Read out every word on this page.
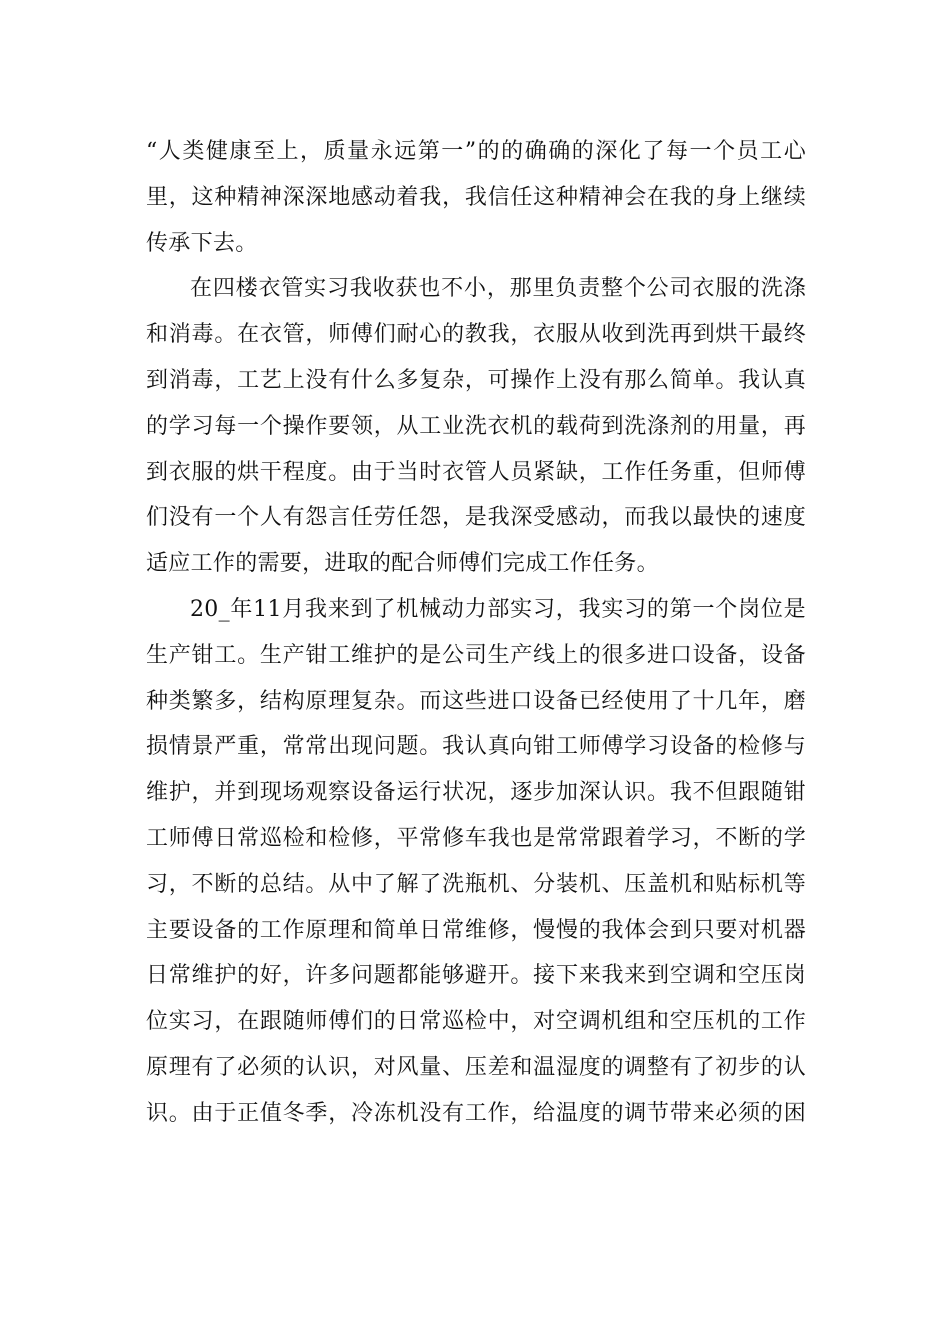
“人类健康至上，质量永远第一”的的确确的深化了每一个员工心
里，这种精神深深地感动着我，我信任这种精神会在我的身上继续
传承下去。
在四楼衣管实习我收获也不小，那里负责整个公司衣服的洗涤
和消毒。在衣管，师傅们耐心的教我，衣服从收到洗再到烘干最终
到消毒，工艺上没有什么多复杂，可操作上没有那么简单。我认真
的学习每一个操作要领，从工业洗衣机的载荷到洗涤剂的用量，再
到衣服的烘干程度。由于当时衣管人员紧缺，工作任务重，但师傅
们没有一个人有怨言任劳任怨，是我深受感动，而我以最快的速度
适应工作的需要，进取的配合师傅们完成工作任务。
20_年11月我来到了机械动力部实习，我实习的第一个岗位是
生产钳工。生产钳工维护的是公司生产线上的很多进口设备，设备
种类繁多，结构原理复杂。而这些进口设备已经使用了十几年，磨
损情景严重，常常出现问题。我认真向钳工师傅学习设备的检修与
维护，并到现场观察设备运行状况，逐步加深认识。我不但跟随钳
工师傅日常巡检和检修，平常修车我也是常常跟着学习，不断的学
习，不断的总结。从中了解了洗瓶机、分装机、压盖机和贴标机等
主要设备的工作原理和简单日常维修，慢慢的我体会到只要对机器
日常维护的好，许多问题都能够避开。接下来我来到空调和空压岗
位实习，在跟随师傅们的日常巡检中，对空调机组和空压机的工作
原理有了必须的认识，对风量、压差和温湿度的调整有了初步的认
识。由于正值冬季，冷冻机没有工作，给温度的调节带来必须的困
